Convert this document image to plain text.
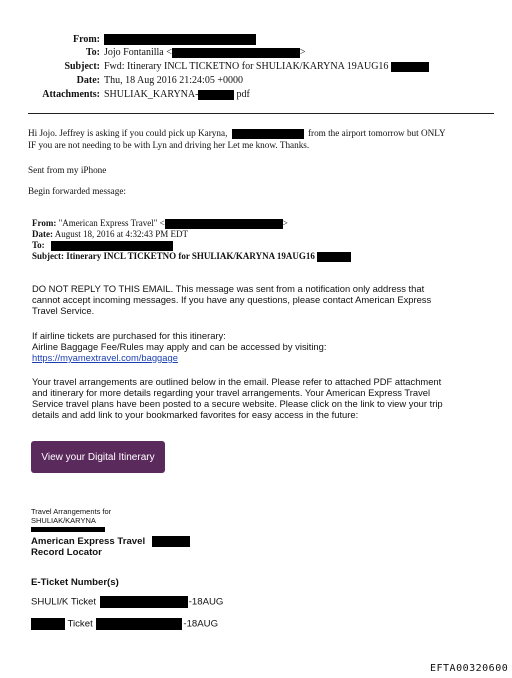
From:
To: Jojo Fontanilla <	>
Subject: Fwd: Itinerary INCL TICKETNO for SHULIAK/KARYNA 19AUG16
Date: Thu, 18 Aug 2016 21:24:05 +0000
Attachments: SHULIAK_KARYNA-	pdf
Hi Jojo. Jeffrey is asking if you could pick up Karyna,	from the airport tomorrow but ONLY
IF you are not needing to be with Lyn and driving her Let me know. Thanks.
Sent from my iPhone
Begin forwarded message:
From: "American Express Travel" <	>
Date: August 18, 2016 at 4:32:43 PM EDT
To:
Subject: Itinerary INCL TICKETNO for SHULIAK/KARYNA 19AUG16
DO NOT REPLY TO THIS EMAIL. This message was sent from a notification only address that
cannot accept incoming messages. If you have any questions, please contact American Express
Travel Service.
If airline tickets are purchased for this itinerary:
Airline Baggage Fee/Rules may apply and can be accessed by visiting:
https://myamextravel.com/baggage
Your travel arrangements are outlined below in the email. Please refer to attached PDF attachment
and itinerary for more details regarding your travel arrangements. Your American Express Travel
Service travel plans have been posted to a secure website. Please click on the link to view your trip
details and add link to your bookmarked favorites for easy access in the future:
View your Digital Itinerary
Travel Arrangements for
SHULIAK/KARYNA
American Express Travel
Record Locator
E-Ticket Number(s)
SHULI/K Ticket	-18AUG
Ticket	-18AUG
EFTA00320600
